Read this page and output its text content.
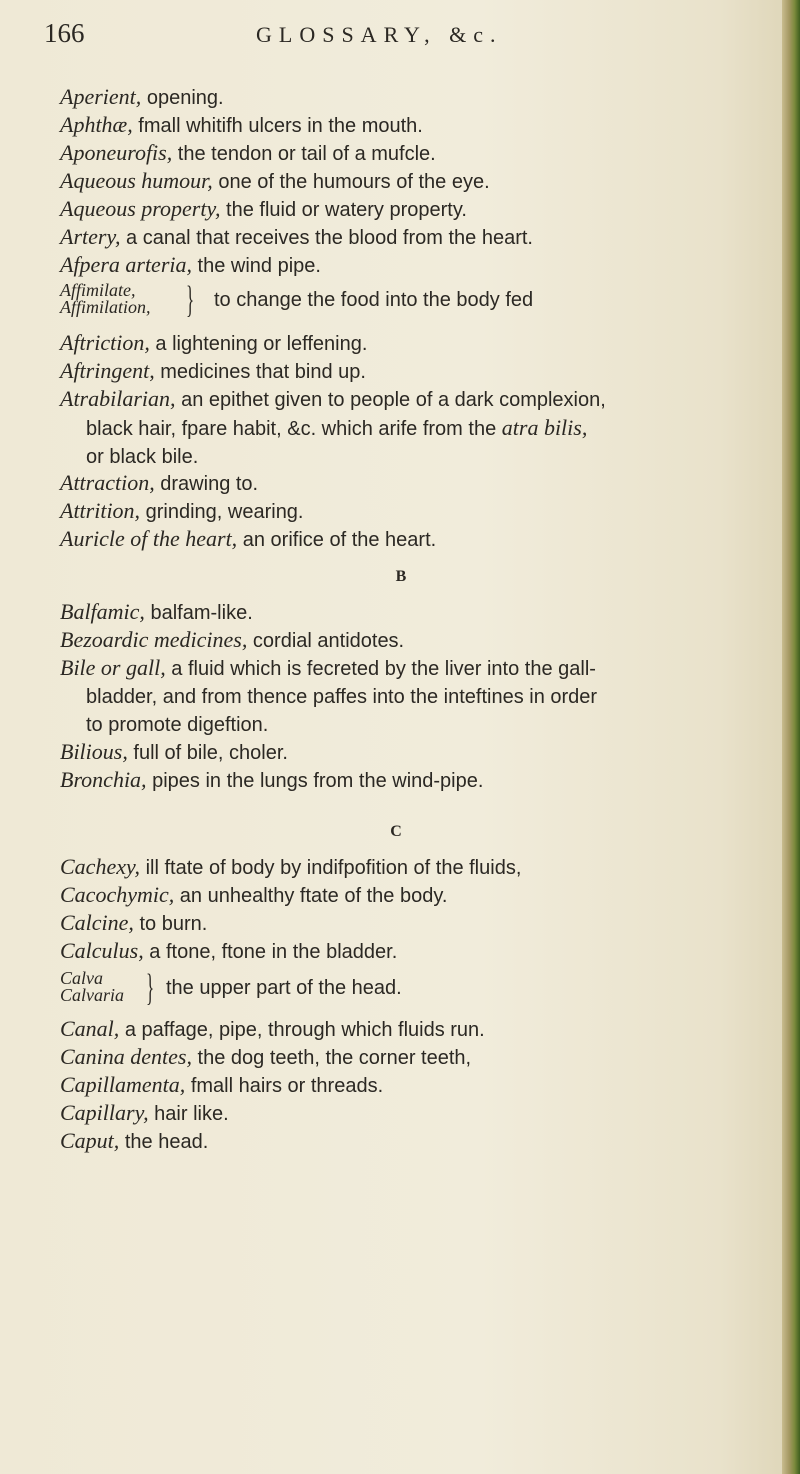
166	GLOSSARY, &c.
Aperient, opening.
Aphthæ, fmall whitifh ulcers in the mouth.
Aponeurofis, the tendon or tail of a mufcle.
Aqueous humour, one of the humours of the eye.
Aqueous property, the fluid or watery property.
Artery, a canal that receives the blood from the heart.
Afpera arteria, the wind pipe.
Affimilate,
Affimilation, } to change the food into the body fed
Aftriction, a lightening or leffening.
Aftringent, medicines that bind up.
Atrabilarian, an epithet given to people of a dark complexion,
black hair, fpare habit, &c. which arife from the atra bilis,
or black bile.
Attraction, drawing to.
Attrition, grinding, wearing.
Auricle of the heart, an orifice of the heart.
B
Balfamic, balfam-like.
Bezoardic medicines, cordial antidotes.
Bile or gall, a fluid which is fecreted by the liver into the gall-
bladder, and from thence paffes into the inteftines in order
to promote digeftion.
Bilious, full of bile, choler.
Bronchia, pipes in the lungs from the wind-pipe.
C
Cachexy, ill ftate of body by indifpofition of the fluids,
Cacochymic, an unhealthy ftate of the body.
Calcine, to burn.
Calculus, a ftone, ftone in the bladder.
Calva
Calvaria } the upper part of the head.
Canal, a paffage, pipe, through which fluids run.
Canina dentes, the dog teeth, the corner teeth,
Capillamenta, fmall hairs or threads.
Capillary, hair like.
Caput, the head.
